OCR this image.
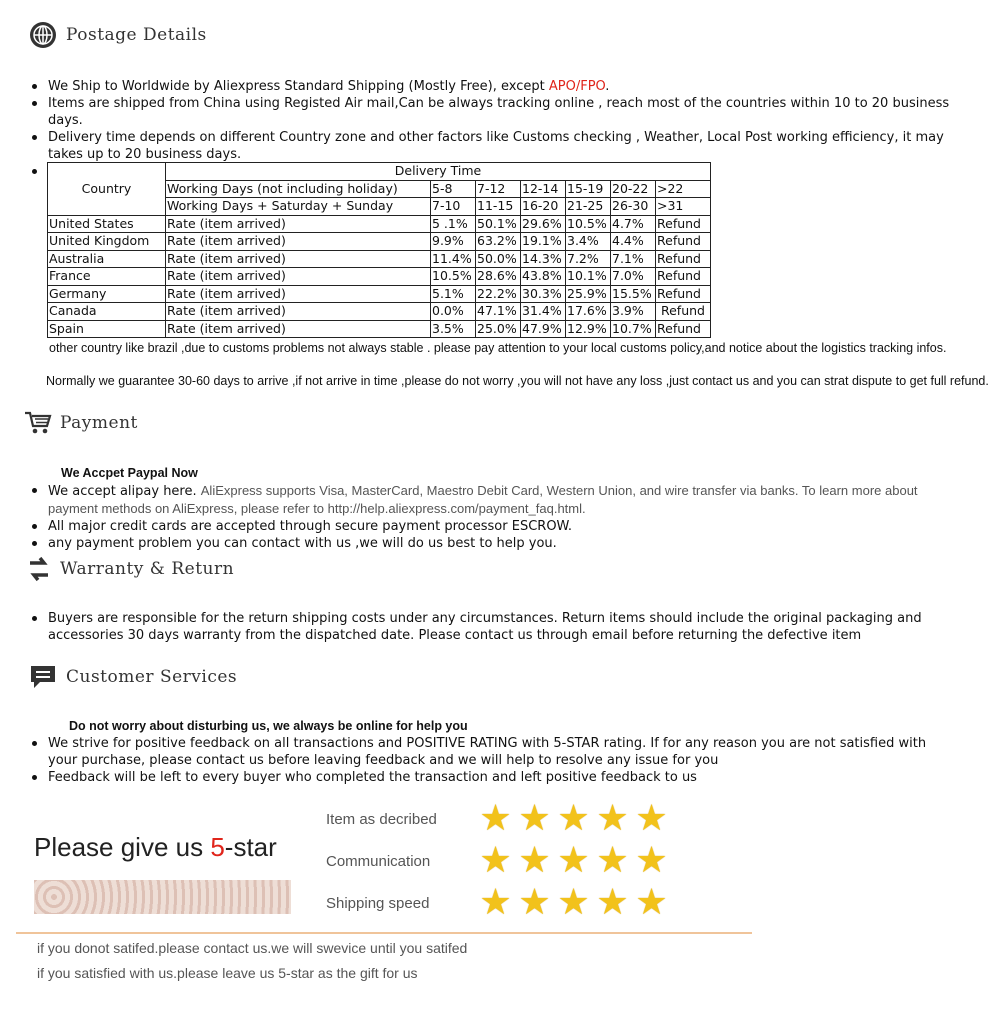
Postage Details
We Ship to Worldwide by Aliexpress Standard Shipping (Mostly Free), except APO/FPO.
Items are shipped from China using Registed Air mail,Can be always tracking online , reach most of the countries within 10 to 20 business days.
Delivery time depends on different Country zone and other factors like Customs checking , Weather, Local Post working efficiency, it may takes up to 20 business days.
Country	Delivery Time						
	Working Days (not including holiday)	5-8	7-12	12-14	15-19	20-22	>22
	Working Days + Saturday + Sunday	7-10	11-15	16-20	21-25	26-30	>31
United States	Rate (item arrived)	5 .1%	50.1%	29.6%	10.5%	4.7%	Refund
United Kingdom	Rate (item arrived)	9.9%	63.2%	19.1%	3.4%	4.4%	Refund
Australia	Rate (item arrived)	11.4%	50.0%	14.3%	7.2%	7.1%	Refund
France	Rate (item arrived)	10.5%	28.6%	43.8%	10.1%	7.0%	Refund
Germany	Rate (item arrived)	5.1%	22.2%	30.3%	25.9%	15.5%	Refund
Canada	Rate (item arrived)	0.0%	47.1%	31.4%	17.6%	3.9%	Refund
Spain	Rate (item arrived)	3.5%	25.0%	47.9%	12.9%	10.7%	Refund
other country like brazil ,due to customs problems not always stable . please pay attention to your local customs policy,and notice about the logistics tracking infos.
Normally we guarantee 30-60 days to arrive ,if not arrive in time ,please do not worry ,you will not have any loss ,just contact us and you can strat dispute to get full refund.
Payment
We Accpet Paypal Now
We accept alipay here. AliExpress supports Visa, MasterCard, Maestro Debit Card, Western Union, and wire transfer via banks. To learn more about payment methods on AliExpress, please refer to http://help.aliexpress.com/payment_faq.html.
All major credit cards are accepted through secure payment processor ESCROW.
any payment problem you can contact with us ,we will do us best to help you.
Warranty & Return
Buyers are responsible for the return shipping costs under any circumstances. Return items should include the original packaging and accessories 30 days warranty from the dispatched date. Please contact us through email before returning the defective item
Customer Services
Do not worry about disturbing us, we always be online for help you
We strive for positive feedback on all transactions and POSITIVE RATING with 5-STAR rating. If for any reason you are not satisfied with your purchase, please contact us before leaving feedback and we will help to resolve any issue for you
Feedback will be left to every buyer who completed the transaction and left positive feedback to us
Please give us 5-star
Item as decribed	★ ★ ★ ★ ★
Communication	★ ★ ★ ★ ★
Shipping speed	★ ★ ★ ★ ★
if you donot satifed.please contact us.we will swevice until you satifed
if you satisfied with us.please leave us 5-star as the gift for us
